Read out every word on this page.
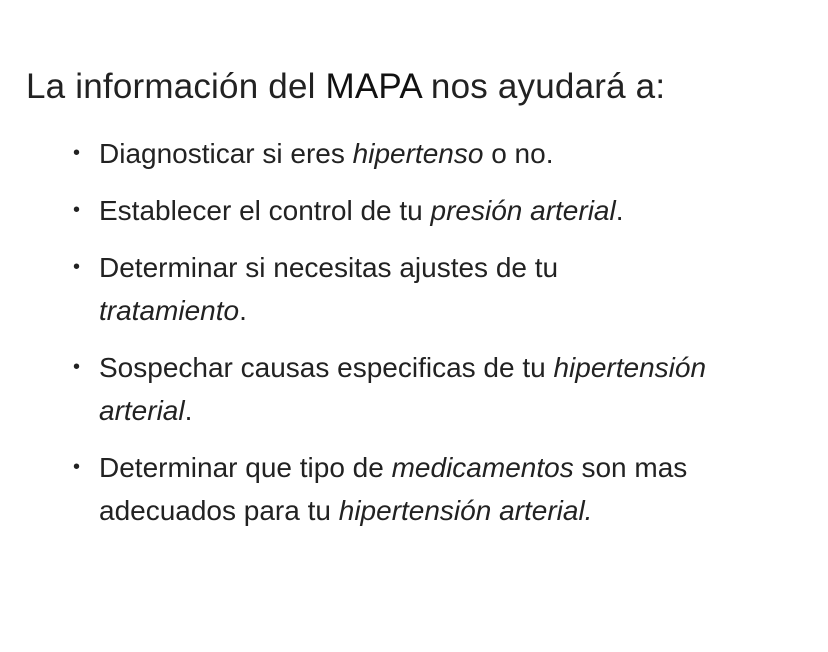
La información del MAPA nos ayudará a:
• Diagnosticar si eres hipertenso o no.
• Establecer el control de tu presión arterial.
• Determinar si necesitas ajustes de tu
tratamiento.
• Sospechar causas especificas de tu hipertensión
arterial.
• Determinar que tipo de medicamentos son mas
adecuados para tu hipertensión arterial.
